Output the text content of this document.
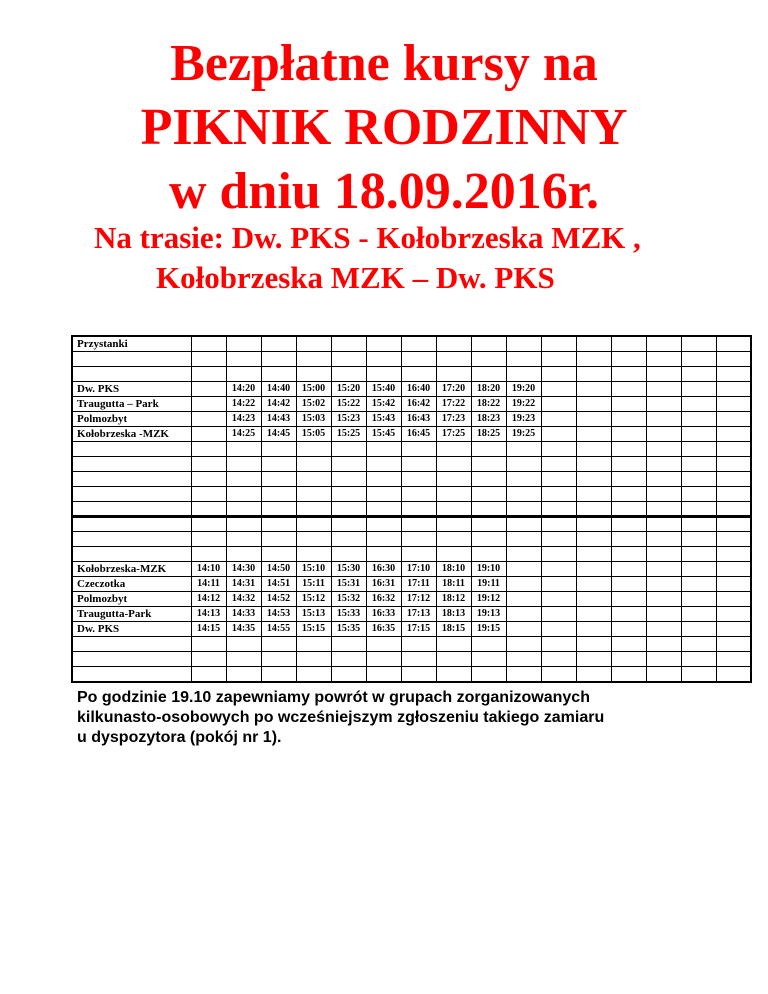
Bezpłatne kursy na
PIKNIK RODZINNY
w dniu 18.09.2016r.
Na trasie: Dw. PKS - Kołobrzeska MZK ,
Kołobrzeska MZK – Dw. PKS
Przystanki																

Dw. PKS		14:20	14:40	15:00	15:20	15:40	16:40	17:20	18:20	19:20						
Traugutta – Park		14:22	14:42	15:02	15:22	15:42	16:42	17:22	18:22	19:22						
Polmozbyt		14:23	14:43	15:03	15:23	15:43	16:43	17:23	18:23	19:23						
Kołobrzeska -MZK		14:25	14:45	15:05	15:25	15:45	16:45	17:25	18:25	19:25						

Kołobrzeska-MZK	14:10	14:30	14:50	15:10	15:30	16:30	17:10	18:10	19:10							
Czeczotka	14:11	14:31	14:51	15:11	15:31	16:31	17:11	18:11	19:11							
Polmozbyt	14:12	14:32	14:52	15:12	15:32	16:32	17:12	18:12	19:12							
Traugutta-Park	14:13	14:33	14:53	15:13	15:33	16:33	17:13	18:13	19:13							
Dw. PKS	14:15	14:35	14:55	15:15	15:35	16:35	17:15	18:15	19:15							

Po godzinie 19.10 zapewniamy powrót w grupach zorganizowanych
kilkunasto-osobowych po wcześniejszym zgłoszeniu takiego zamiaru
u dyspozytora (pokój nr 1).
